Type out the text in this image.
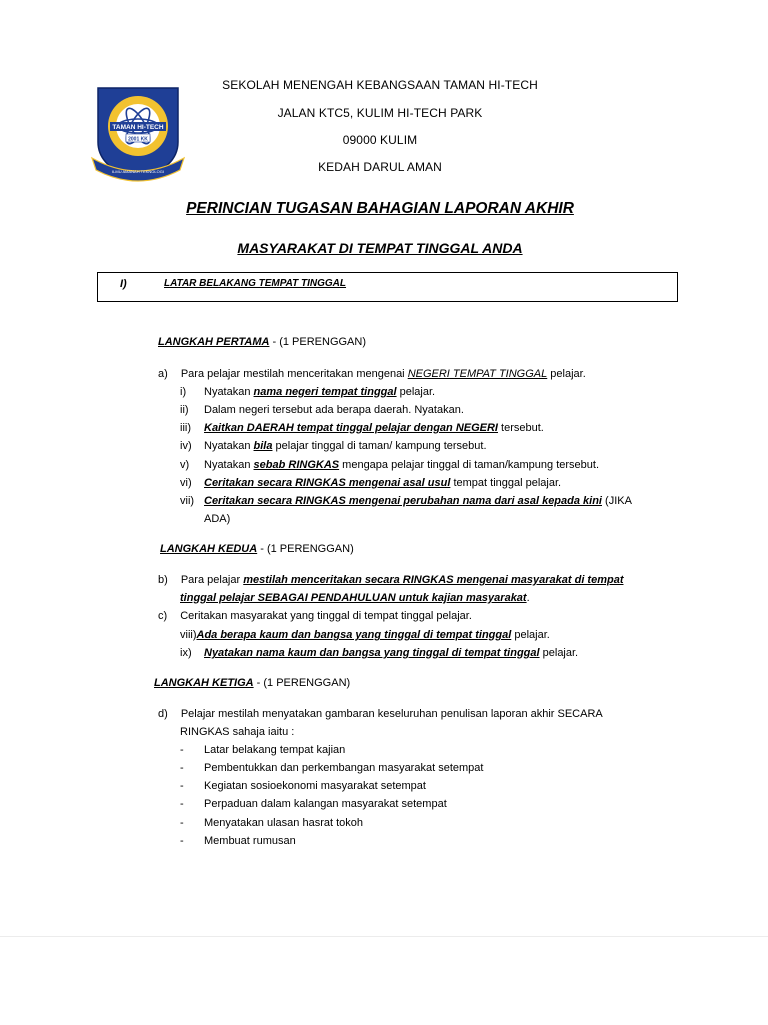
TAMAN HI-TECH
2001 KK
ILMU AMANAH TEKNOLOGI
SEKOLAH MENENGAH KEBANGSAAN TAMAN HI-TECH
JALAN KTC5, KULIM HI-TECH PARK
09000 KULIM
KEDAH DARUL AMAN
PERINCIAN TUGASAN BAHAGIAN LAPORAN AKHIR
MASYARAKAT DI TEMPAT TINGGAL ANDA
I)	LATAR BELAKANG TEMPAT TINGGAL
LANGKAH PERTAMA - (1 PERENGGAN)
a) Para pelajar mestilah menceritakan mengenai NEGERI TEMPAT TINGGAL pelajar.
i)	Nyatakan nama negeri tempat tinggal pelajar.
ii)	Dalam negeri tersebut ada berapa daerah. Nyatakan.
iii)	Kaitkan DAERAH tempat tinggal pelajar dengan NEGERI tersebut.
iv)	Nyatakan bila pelajar tinggal di taman/ kampung tersebut.
v)	Nyatakan sebab RINGKAS mengapa pelajar tinggal di taman/kampung tersebut.
vi)	Ceritakan secara RINGKAS mengenai asal usul tempat tinggal pelajar.
vii) Ceritakan secara RINGKAS mengenai perubahan nama dari asal kepada kini (JIKA
ADA)
LANGKAH KEDUA - (1 PERENGGAN)
b) Para pelajar mestilah menceritakan secara RINGKAS mengenai masyarakat di tempat
tinggal pelajar SEBAGAI PENDAHULUAN untuk kajian masyarakat.
c) Ceritakan masyarakat yang tinggal di tempat tinggal pelajar.
viii)Ada berapa kaum dan bangsa yang tinggal di tempat tinggal pelajar.
ix)	Nyatakan nama kaum dan bangsa yang tinggal di tempat tinggal pelajar.
LANGKAH KETIGA - (1 PERENGGAN)
d) Pelajar mestilah menyatakan gambaran keseluruhan penulisan laporan akhir SECARA
RINGKAS sahaja iaitu :
-	Latar belakang tempat kajian
-	Pembentukkan dan perkembangan masyarakat setempat
-	Kegiatan sosioekonomi masyarakat setempat
-	Perpaduan dalam kalangan masyarakat setempat
-	Menyatakan ulasan hasrat tokoh
-	Membuat rumusan
